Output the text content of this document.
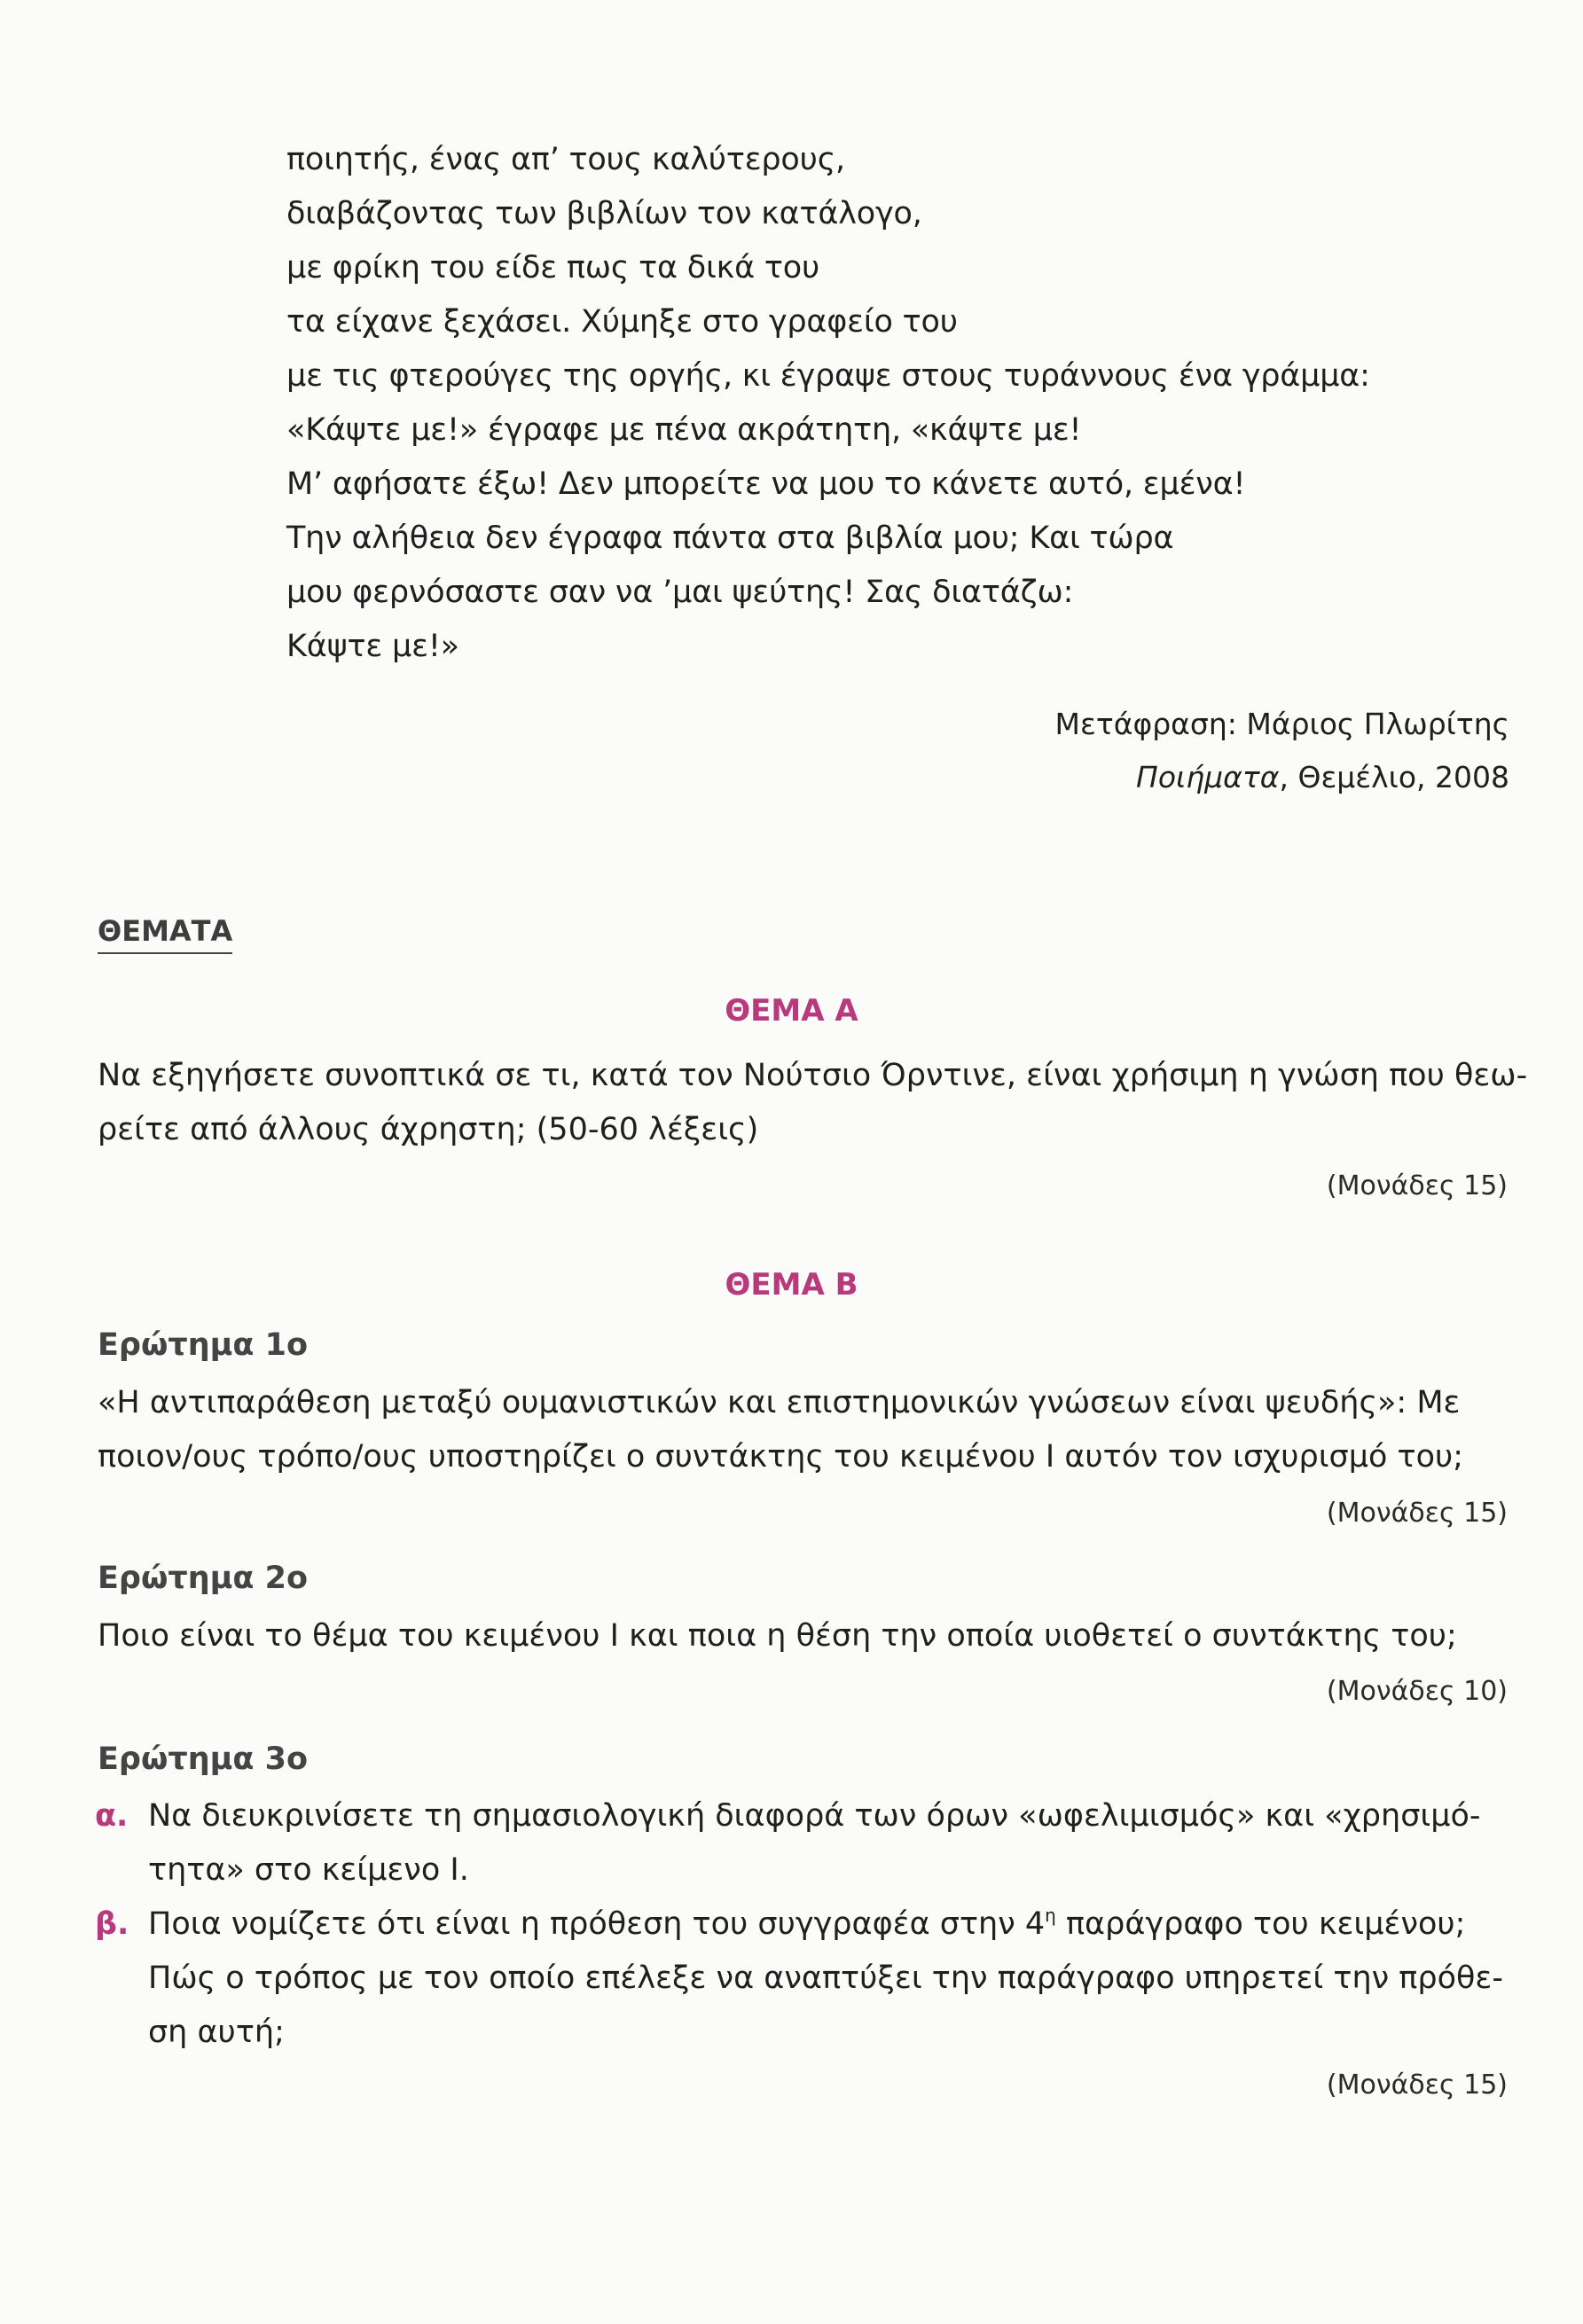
ποιητής, ένας απ’ τους καλύτερους,
διαβάζοντας των βιβλίων τον κατάλογο,
με φρίκη του είδε πως τα δικά του
τα είχανε ξεχάσει. Χύμηξε στο γραφείο του
με τις φτερούγες της οργής, κι έγραψε στους τυράννους ένα γράμμα:
«Κάψτε με!» έγραφε με πένα ακράτητη, «κάψτε με!
Μ’ αφήσατε έξω! Δεν μπορείτε να μου το κάνετε αυτό, εμένα!
Την αλήθεια δεν έγραφα πάντα στα βιβλία μου; Και τώρα
μου φερνόσαστε σαν να ’μαι ψεύτης! Σας διατάζω:
Κάψτε με!»
Μετάφραση: Μάριος Πλωρίτης
Ποιήματα, Θεμέλιο, 2008
ΘΕΜΑΤΑ
ΘΕΜΑ Α
Να εξηγήσετε συνοπτικά σε τι, κατά τον Νούτσιο Όρντινε, είναι χρήσιμη η γνώση που θεω-
ρείτε από άλλους άχρηστη; (50-60 λέξεις)
(Μονάδες 15)
ΘΕΜΑ Β
Ερώτημα 1ο
«Η αντιπαράθεση μεταξύ ουμανιστικών και επιστημονικών γνώσεων είναι ψευδής»: Με
ποιον/ους τρόπο/ους υποστηρίζει ο συντάκτης του κειμένου Ι αυτόν τον ισχυρισμό του;
(Μονάδες 15)
Ερώτημα 2ο
Ποιο είναι το θέμα του κειμένου Ι και ποια η θέση την οποία υιοθετεί ο συντάκτης του;
(Μονάδες 10)
Ερώτημα 3ο
α. Να διευκρινίσετε τη σημασιολογική διαφορά των όρων «ωφελιμισμός» και «χρησιμό-
τητα» στο κείμενο Ι.
β. Ποια νομίζετε ότι είναι η πρόθεση του συγγραφέα στην $4^\eta$ παράγραφο του κειμένου;
Πώς ο τρόπος με τον οποίο επέλεξε να αναπτύξει την παράγραφο υπηρετεί την πρόθε-
ση αυτή;
(Μονάδες 15)
